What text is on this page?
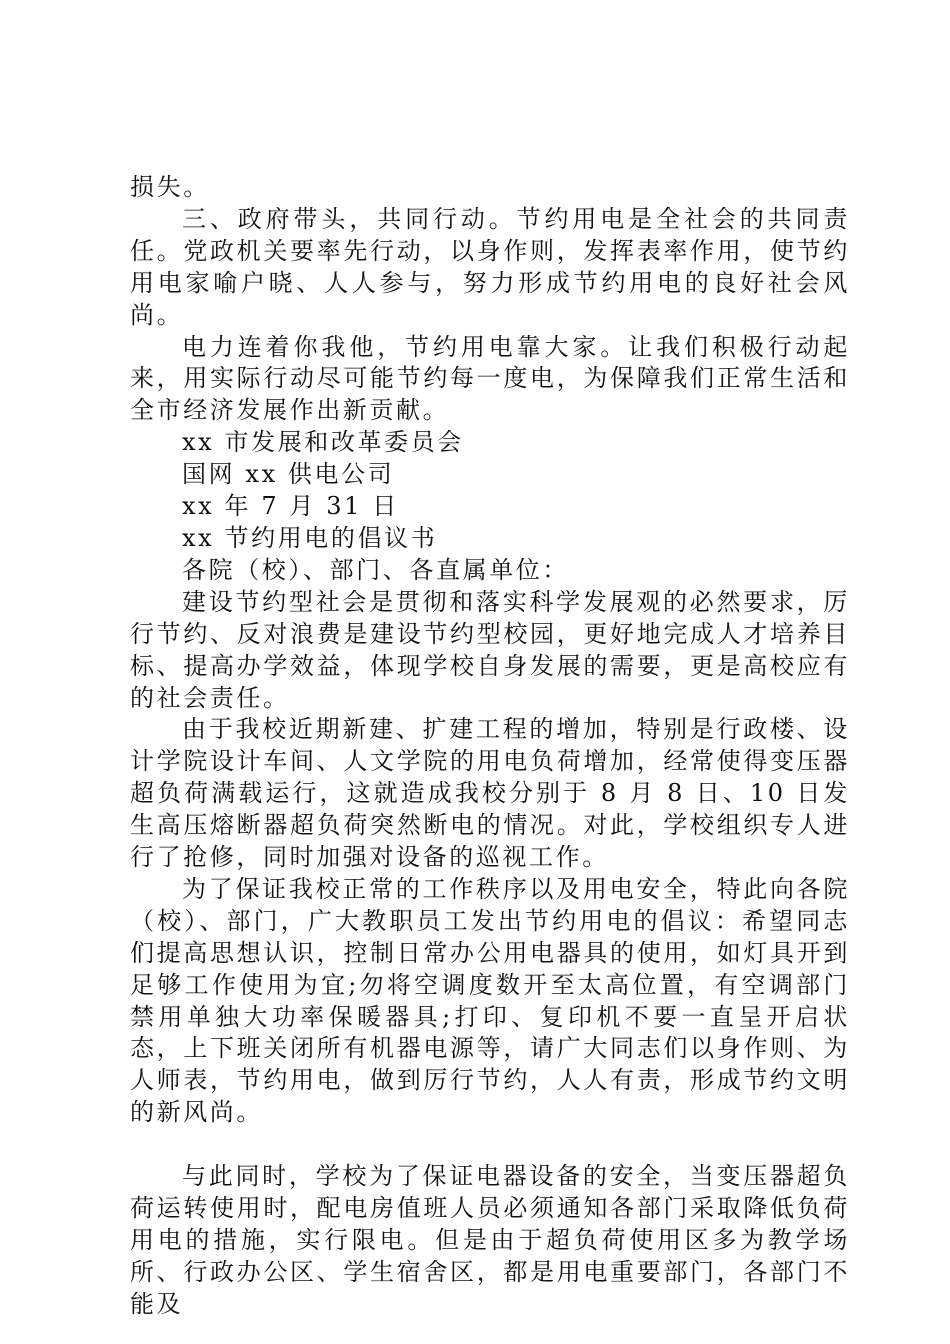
损失。

三、政府带头，共同行动。节约用电是全社会的共同责任。党政机关要率先行动，以身作则，发挥表率作用，使节约用电家喻户晓、人人参与，努力形成节约用电的良好社会风尚。

电力连着你我他，节约用电靠大家。让我们积极行动起来，用实际行动尽可能节约每一度电，为保障我们正常生活和全市经济发展作出新贡献。

xx 市发展和改革委员会

国网 xx 供电公司

xx 年 7 月 31 日

xx 节约用电的倡议书

各院（校）、部门、各直属单位：

建设节约型社会是贯彻和落实科学发展观的必然要求，厉行节约、反对浪费是建设节约型校园，更好地完成人才培养目标、提高办学效益，体现学校自身发展的需要，更是高校应有的社会责任。

由于我校近期新建、扩建工程的增加，特别是行政楼、设计学院设计车间、人文学院的用电负荷增加，经常使得变压器超负荷满载运行，这就造成我校分别于 8 月 8 日、10 日发生高压熔断器超负荷突然断电的情况。对此，学校组织专人进行了抢修，同时加强对设备的巡视工作。

为了保证我校正常的工作秩序以及用电安全，特此向各院（校）、部门，广大教职员工发出节约用电的倡议：希望同志们提高思想认识，控制日常办公用电器具的使用，如灯具开到足够工作使用为宜;勿将空调度数开至太高位置，有空调部门禁用单独大功率保暖器具;打印、复印机不要一直呈开启状态，上下班关闭所有机器电源等，请广大同志们以身作则、为人师表，节约用电，做到厉行节约，人人有责，形成节约文明的新风尚。

与此同时，学校为了保证电器设备的安全，当变压器超负荷运转使用时，配电房值班人员必须通知各部门采取降低负荷用电的措施，实行限电。但是由于超负荷使用区多为教学场所、行政办公区、学生宿舍区，都是用电重要部门，各部门不能及
